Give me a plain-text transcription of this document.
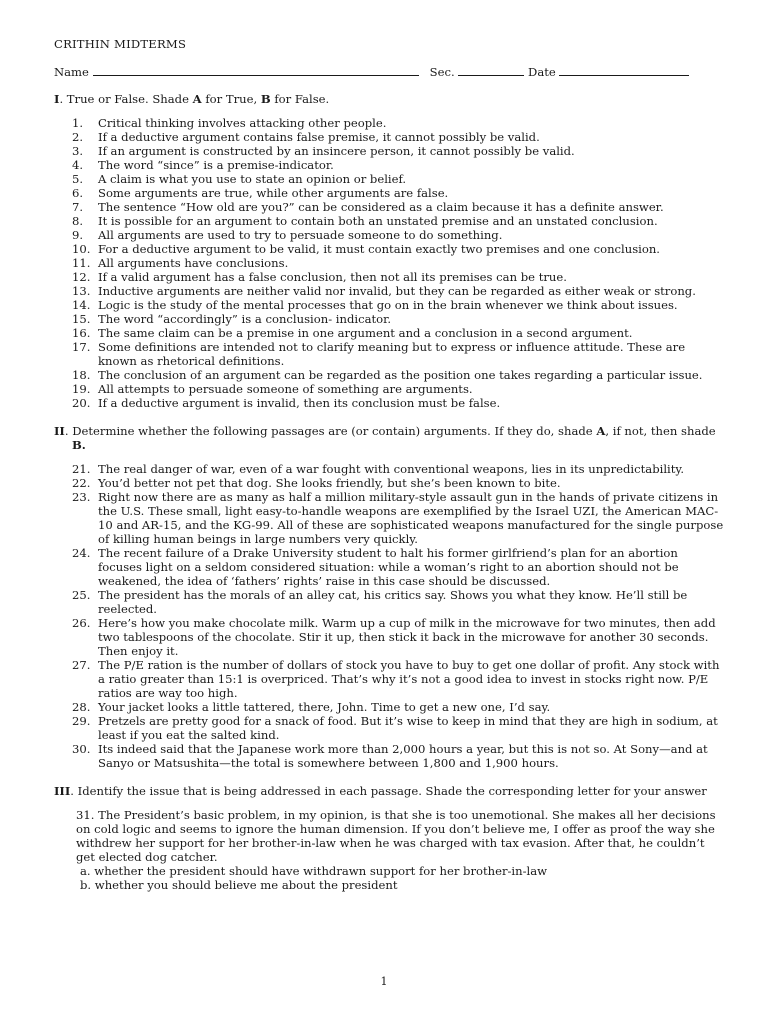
CRITHIN MIDTERMS
Name	Sec.	Date
I. True or False. Shade A for True, B for False.
1.	Critical thinking involves attacking other people.
2.	If a deductive argument contains false premise, it cannot possibly be valid.
3.	If an argument is constructed by an insincere person, it cannot possibly be valid.
4.	The word “since” is a premise-indicator.
5.	A claim is what you use to state an opinion or belief.
6.	Some arguments are true, while other arguments are false.
7.	The sentence “How old are you?” can be considered as a claim because it has a definite answer.
8.	It is possible for an argument to contain both an unstated premise and an unstated conclusion.
9.	All arguments are used to try to persuade someone to do something.
10. For a deductive argument to be valid, it must contain exactly two premises and one conclusion.
11. All arguments have conclusions.
12. If a valid argument has a false conclusion, then not all its premises can be true.
13. Inductive arguments are neither valid nor invalid, but they can be regarded as either weak or strong.
14. Logic is the study of the mental processes that go on in the brain whenever we think about issues.
15. The word “accordingly” is a conclusion- indicator.
16. The same claim can be a premise in one argument and a conclusion in a second argument.
17. Some definitions are intended not to clarify meaning but to express or influence attitude. These are known as rhetorical definitions.
18. The conclusion of an argument can be regarded as the position one takes regarding a particular issue.
19. All attempts to persuade someone of something are arguments.
20. If a deductive argument is invalid, then its conclusion must be false.
II. Determine whether the following passages are (or contain) arguments. If they do, shade A, if not, then shade B.
21. The real danger of war, even of a war fought with conventional weapons, lies in its unpredictability.
22. You’d better not pet that dog. She looks friendly, but she’s been known to bite.
23. Right now there are as many as half a million military-style assault gun in the hands of private citizens in the U.S. These small, light easy-to-handle weapons are exemplified by the Israel UZI, the American MAC-10 and AR-15, and the KG-99. All of these are sophisticated weapons manufactured for the single purpose of killing human beings in large numbers very quickly.
24. The recent failure of a Drake University student to halt his former girlfriend’s plan for an abortion focuses light on a seldom considered situation: while a woman’s right to an abortion should not be weakened, the idea of ‘fathers’ rights’ raise in this case should be discussed.
25. The president has the morals of an alley cat, his critics say. Shows you what they know. He’ll still be reelected.
26. Here’s how you make chocolate milk. Warm up a cup of milk in the microwave for two minutes, then add two tablespoons of the chocolate. Stir it up, then stick it back in the microwave for another 30 seconds. Then enjoy it.
27. The P/E ration is the number of dollars of stock you have to buy to get one dollar of profit. Any stock with a ratio greater than 15:1 is overpriced. That’s why it’s not a good idea to invest in stocks right now. P/E ratios are way too high.
28. Your jacket looks a little tattered, there, John. Time to get a new one, I’d say.
29. Pretzels are pretty good for a snack of food. But it’s wise to keep in mind that they are high in sodium, at least if you eat the salted kind.
30. Its indeed said that the Japanese work more than 2,000 hours a year, but this is not so. At Sony—and at Sanyo or Matsushita—the total is somewhere between 1,800 and 1,900 hours.
III. Identify the issue that is being addressed in each passage. Shade the corresponding letter for your answer

31. The President’s basic problem, in my opinion, is that she is too unemotional. She makes all her decisions on cold logic and seems to ignore the human dimension. If you don’t believe me, I offer as proof the way she withdrew her support for her brother-in-law when he was charged with tax evasion. After that, he couldn’t get elected dog catcher.

a. whether the president should have withdrawn support for her brother-in-law
b. whether you should believe me about the president
1
